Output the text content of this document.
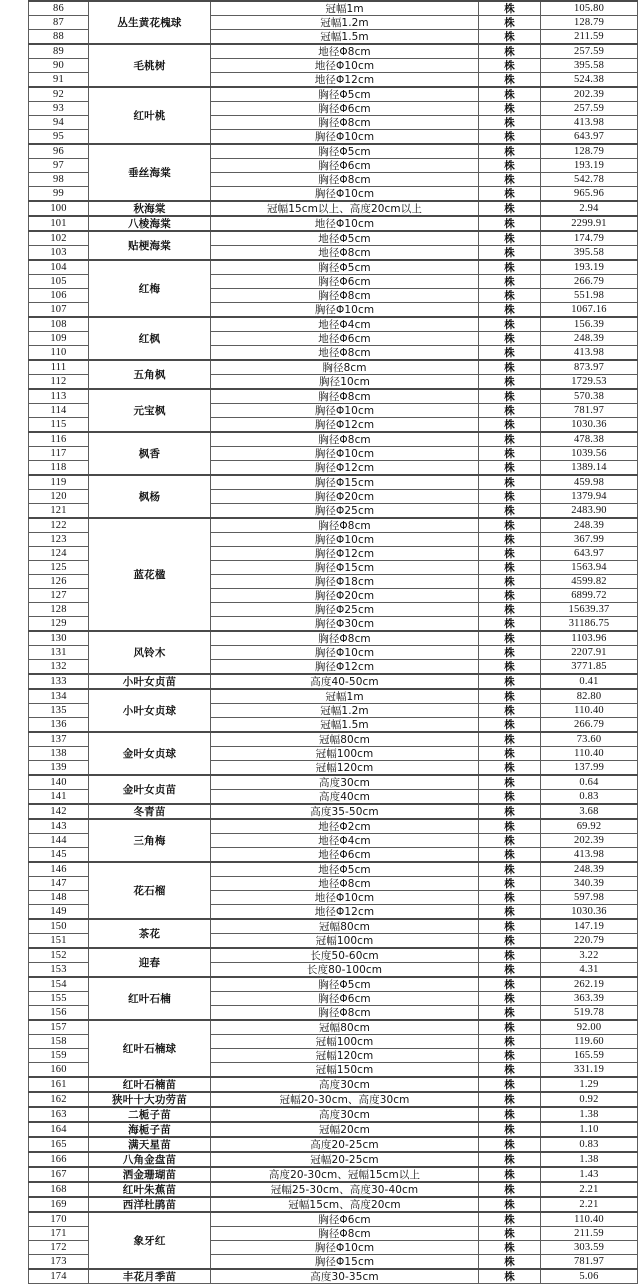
86	丛生黄花槐球	冠幅1m	株	105.80
87		冠幅1.2m	株	128.79
88		冠幅1.5m	株	211.59
89	毛桃树	地径Φ8cm	株	257.59
90		地径Φ10cm	株	395.58
91		地径Φ12cm	株	524.38
92	红叶桃	胸径Φ5cm	株	202.39
93		胸径Φ6cm	株	257.59
94		胸径Φ8cm	株	413.98
95		胸径Φ10cm	株	643.97
96	垂丝海棠	胸径Φ5cm	株	128.79
97		胸径Φ6cm	株	193.19
98		胸径Φ8cm	株	542.78
99		胸径Φ10cm	株	965.96
100	秋海棠	冠幅15cm以上、高度20cm以上	株	2.94
101	八棱海棠	地径Φ10cm	株	2299.91
102	贴梗海棠	地径Φ5cm	株	174.79
103		地径Φ8cm	株	395.58
104	红梅	胸径Φ5cm	株	193.19
105		胸径Φ6cm	株	266.79
106		胸径Φ8cm	株	551.98
107		胸径Φ10cm	株	1067.16
108	红枫	地径Φ4cm	株	156.39
109		地径Φ6cm	株	248.39
110		地径Φ8cm	株	413.98
111	五角枫	胸径8cm	株	873.97
112		胸径10cm	株	1729.53
113	元宝枫	胸径Φ8cm	株	570.38
114		胸径Φ10cm	株	781.97
115		胸径Φ12cm	株	1030.36
116	枫香	胸径Φ8cm	株	478.38
117		胸径Φ10cm	株	1039.56
118		胸径Φ12cm	株	1389.14
119	枫杨	胸径Φ15cm	株	459.98
120		胸径Φ20cm	株	1379.94
121		胸径Φ25cm	株	2483.90
122	蓝花楹	胸径Φ8cm	株	248.39
123		胸径Φ10cm	株	367.99
124		胸径Φ12cm	株	643.97
125		胸径Φ15cm	株	1563.94
126		胸径Φ18cm	株	4599.82
127		胸径Φ20cm	株	6899.72
128		胸径Φ25cm	株	15639.37
129		胸径Φ30cm	株	31186.75
130	风铃木	胸径Φ8cm	株	1103.96
131		胸径Φ10cm	株	2207.91
132		胸径Φ12cm	株	3771.85
133	小叶女贞苗	高度40-50cm	株	0.41
134	小叶女贞球	冠幅1m	株	82.80
135		冠幅1.2m	株	110.40
136		冠幅1.5m	株	266.79
137	金叶女贞球	冠幅80cm	株	73.60
138		冠幅100cm	株	110.40
139		冠幅120cm	株	137.99
140	金叶女贞苗	高度30cm	株	0.64
141		高度40cm	株	0.83
142	冬青苗	高度35-50cm	株	3.68
143	三角梅	地径Φ2cm	株	69.92
144		地径Φ4cm	株	202.39
145		地径Φ6cm	株	413.98
146	花石榴	地径Φ5cm	株	248.39
147		地径Φ8cm	株	340.39
148		地径Φ10cm	株	597.98
149		地径Φ12cm	株	1030.36
150	茶花	冠幅80cm	株	147.19
151		冠幅100cm	株	220.79
152	迎春	长度50-60cm	株	3.22
153		长度80-100cm	株	4.31
154	红叶石楠	胸径Φ5cm	株	262.19
155		胸径Φ6cm	株	363.39
156		胸径Φ8cm	株	519.78
157	红叶石楠球	冠幅80cm	株	92.00
158		冠幅100cm	株	119.60
159		冠幅120cm	株	165.59
160		冠幅150cm	株	331.19
161	红叶石楠苗	高度30cm	株	1.29
162	狭叶十大功劳苗	冠幅20-30cm、高度30cm	株	0.92
163	二栀子苗	高度30cm	株	1.38
164	海栀子苗	冠幅20cm	株	1.10
165	满天星苗	高度20-25cm	株	0.83
166	八角金盘苗	冠幅20-25cm	株	1.38
167	洒金珊瑚苗	高度20-30cm、冠幅15cm以上	株	1.43
168	红叶朱蕉苗	冠幅25-30cm、高度30-40cm	株	2.21
169	西洋杜鹃苗	冠幅15cm、高度20cm	株	2.21
170	象牙红	胸径Φ6cm	株	110.40
171		胸径Φ8cm	株	211.59
172		胸径Φ10cm	株	303.59
173		胸径Φ15cm	株	781.97
174	丰花月季苗	高度30-35cm	株	5.06
